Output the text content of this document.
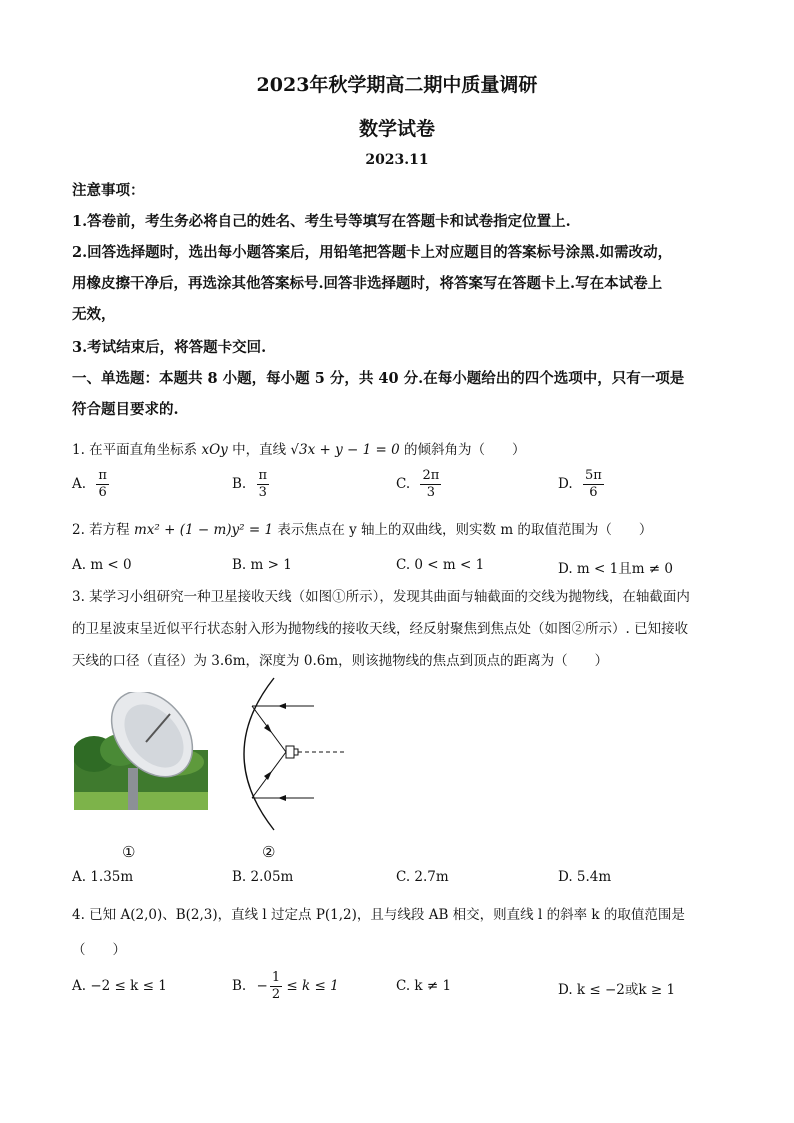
2023年秋学期高二期中质量调研
数学试卷
2023.11
注意事项：
1.答卷前，考生务必将自己的姓名、考生号等填写在答题卡和试卷指定位置上.
2.回答选择题时，选出每小题答案后，用铅笔把答题卡上对应题目的答案标号涂黑.如需改动，
用橡皮擦干净后，再选涂其他答案标号.回答非选择题时，将答案写在答题卡上.写在本试卷上
无效，
3.考试结束后，将答题卡交回.
一、单选题：本题共 8 小题，每小题 5 分，共 40 分.在每小题给出的四个选项中，只有一项是
符合题目要求的.
1. 在平面直角坐标系 xOy 中，直线 √3x + y − 1 = 0 的倾斜角为（　　）
A. $\frac{\pi}{6}$	B. $\frac{\pi}{3}$	C. $\frac{2\pi}{3}$	D. $\frac{5\pi}{6}$
2. 若方程 mx² + (1 − m)y² = 1 表示焦点在 y 轴上的双曲线，则实数 m 的取值范围为（　　）
A. m < 0	B. m > 1	C. 0 < m < 1	D. m < 1且m ≠ 0
3. 某学习小组研究一种卫星接收天线（如图①所示），发现其曲面与轴截面的交线为抛物线，在轴截面内
的卫星波束呈近似平行状态射入形为抛物线的接收天线，经反射聚焦到焦点处（如图②所示）. 已知接收
天线的口径（直径）为 3.6m，深度为 0.6m，则该抛物线的焦点到顶点的距离为（　　）
①	②
A. 1.35m	B. 2.05m	C. 2.7m	D. 5.4m
4. 已知 A(2,0)、B(2,3)，直线 l 过定点 P(1,2)，且与线段 AB 相交，则直线 l 的斜率 k 的取值范围是
（　　）
A. −2 ≤ k ≤ 1	B. − $\frac{1}{2} \le k \le 1$	C. k ≠ 1	D. k ≤ −2或k ≥ 1
